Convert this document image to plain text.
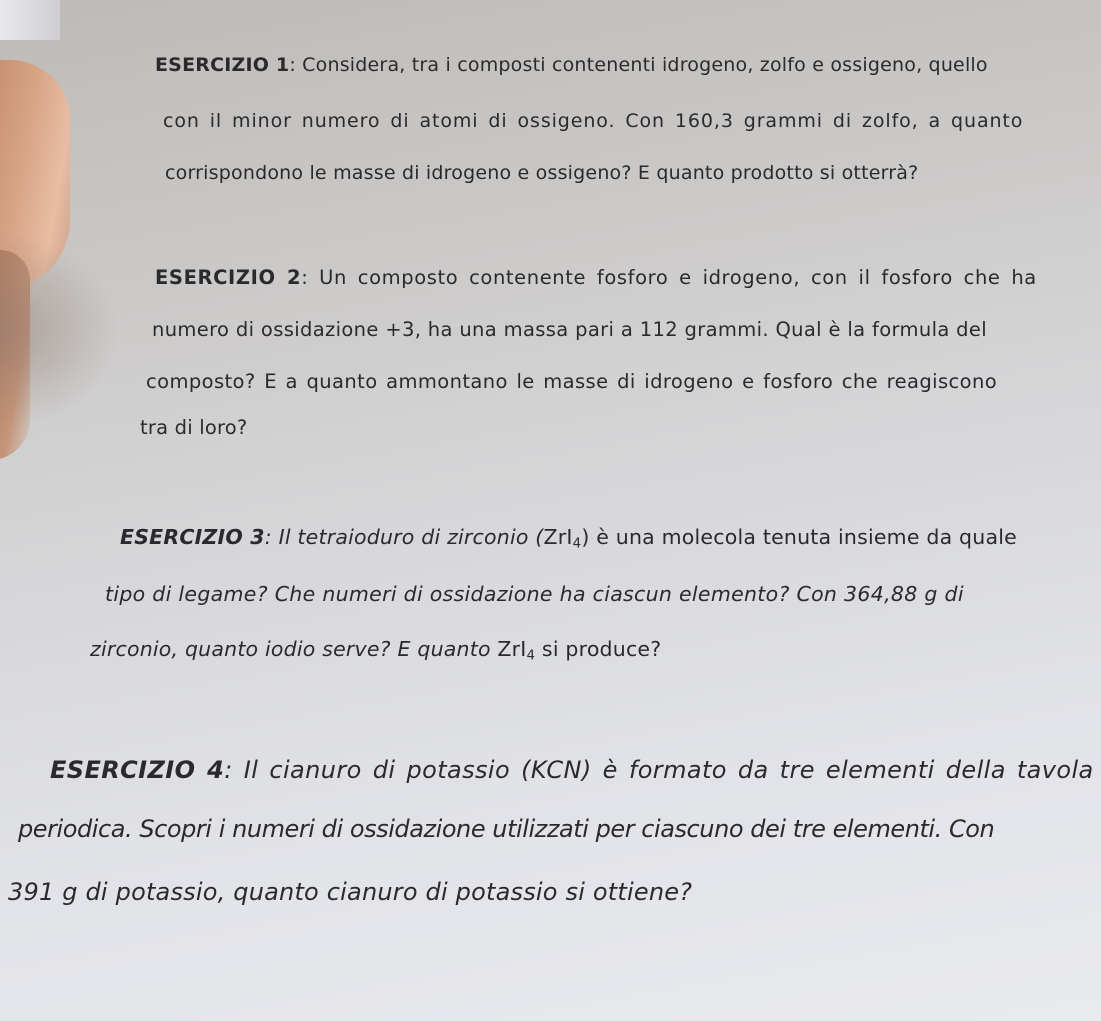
ESERCIZIO 1: Considera, tra i composti contenenti idrogeno, zolfo e ossigeno, quello
con il minor numero di atomi di ossigeno. Con 160,3 grammi di zolfo, a quanto
corrispondono le masse di idrogeno e ossigeno? E quanto prodotto si otterrà?
ESERCIZIO 2: Un composto contenente fosforo e idrogeno, con il fosforo che ha
numero di ossidazione +3, ha una massa pari a 112 grammi. Qual è la formula del
composto? E a quanto ammontano le masse di idrogeno e fosforo che reagiscono
tra di loro?
ESERCIZIO 3: Il tetraioduro di zirconio (ZrI$_4$) è una molecola tenuta insieme da quale
tipo di legame? Che numeri di ossidazione ha ciascun elemento? Con 364,88 g di
zirconio, quanto iodio serve? E quanto ZrI$_4$ si produce?
ESERCIZIO 4: Il cianuro di potassio (KCN) è formato da tre elementi della tavola
periodica. Scopri i numeri di ossidazione utilizzati per ciascuno dei tre elementi. Con
391 g di potassio, quanto cianuro di potassio si ottiene?
